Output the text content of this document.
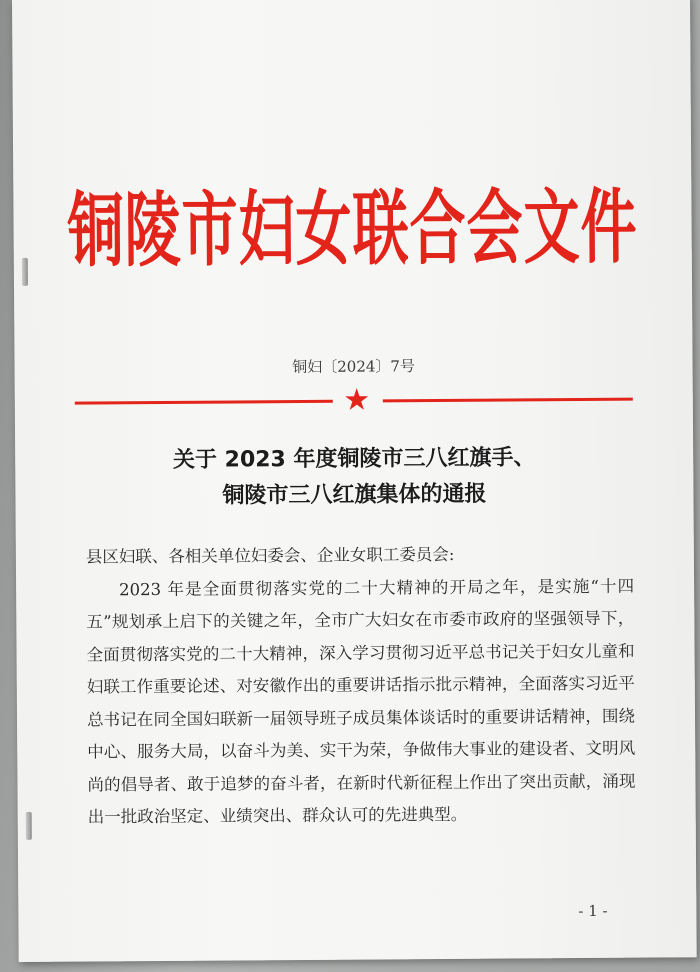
铜陵市妇女联合会文件
铜妇〔2024〕7号
★
关于 2023 年度铜陵市三八红旗手、
铜陵市三八红旗集体的通报

县区妇联、各相关单位妇委会、企业女职工委员会:

2023 年是全面贯彻落实党的二十大精神的开局之年，是实施“十四五”规划承上启下的关键之年，全市广大妇女在市委市政府的坚强领导下，全面贯彻落实党的二十大精神，深入学习贯彻习近平总书记关于妇女儿童和妇联工作重要论述、对安徽作出的重要讲话指示批示精神，全面落实习近平总书记在同全国妇联新一届领导班子成员集体谈话时的重要讲话精神，围绕中心、服务大局，以奋斗为美、实干为荣，争做伟大事业的建设者、文明风尚的倡导者、敢于追梦的奋斗者，在新时代新征程上作出了突出贡献，涌现出一批政治坚定、业绩突出、群众认可的先进典型。

- 1 -
